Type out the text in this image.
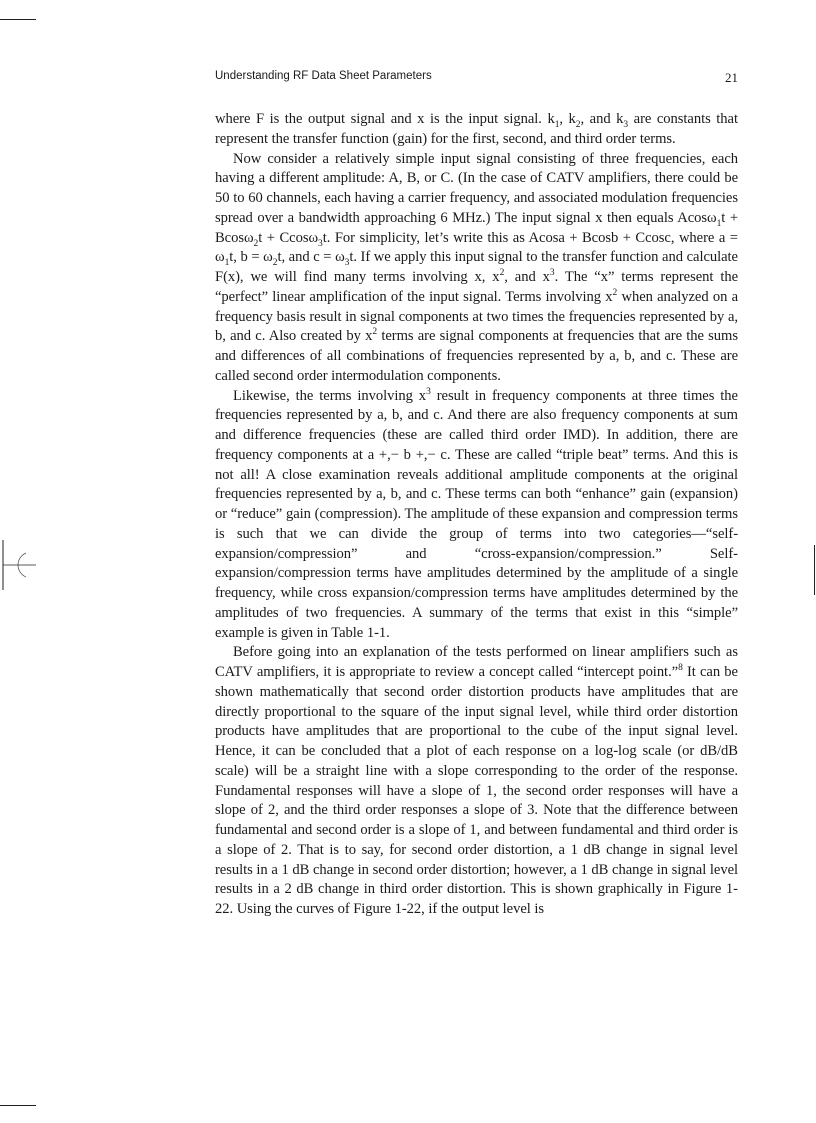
Understanding RF Data Sheet Parameters	21

where F is the output signal and x is the input signal. $k_1$, $k_2$, and $k_3$ are constants that represent the transfer function (gain) for the first, second, and third order terms.

Now consider a relatively simple input signal consisting of three frequencies, each having a different amplitude: A, B, or C. (In the case of CATV amplifiers, there could be 50 to 60 channels, each having a carrier frequency, and associated modulation frequencies spread over a bandwidth approaching 6 MHz.) The input signal x then equals Acosω$_1$t + Bcosω$_2$t + Ccosω$_3$t. For simplicity, let’s write this as Acosa + Bcosb + Ccosc, where $a = \omega_1t$, $b = \omega_2t$, and $c = \omega_3t$. If we apply this input signal to the transfer function and calculate F(x), we will find many terms involving x, $x^2$, and $x^3$. The “x” terms represent the “perfect” linear amplification of the input signal. Terms involving $x^2$ when analyzed on a frequency basis result in signal components at two times the frequencies represented by a, b, and c. Also created by $x^2$ terms are signal components at frequencies that are the sums and differences of all combinations of frequencies represented by a, b, and c. These are called second order intermodulation components.

Likewise, the terms involving $x^3$ result in frequency components at three times the frequencies represented by a, b, and c. And there are also frequency components at sum and difference frequencies (these are called third order IMD). In addition, there are frequency components at a +,− b +,− c. These are called “triple beat” terms. And this is not all! A close examination reveals additional amplitude components at the original frequencies represented by a, b, and c. These terms can both “enhance” gain (expansion) or “reduce” gain (compression). The amplitude of these expansion and compression terms is such that we can divide the group of terms into two categories—“self-expansion/compression” and “cross-expansion/compression.” Self-expansion/compression terms have amplitudes determined by the amplitude of a single frequency, while cross expansion/compression terms have amplitudes determined by the amplitudes of two frequencies. A summary of the terms that exist in this “simple” example is given in Table 1-1.

Before going into an explanation of the tests performed on linear amplifiers such as CATV amplifiers, it is appropriate to review a concept called “intercept point.”$^8$ It can be shown mathematically that second order distortion products have amplitudes that are directly proportional to the square of the input signal level, while third order distortion products have amplitudes that are proportional to the cube of the input signal level. Hence, it can be concluded that a plot of each response on a log-log scale (or dB/dB scale) will be a straight line with a slope corresponding to the order of the response. Fundamental responses will have a slope of 1, the second order responses will have a slope of 2, and the third order responses a slope of 3. Note that the difference between fundamental and second order is a slope of 1, and between fundamental and third order is a slope of 2. That is to say, for second order distortion, a 1 dB change in signal level results in a 1 dB change in second order distortion; however, a 1 dB change in signal level results in a 2 dB change in third order distortion. This is shown graphically in Figure 1-22. Using the curves of Figure 1-22, if the output level is
